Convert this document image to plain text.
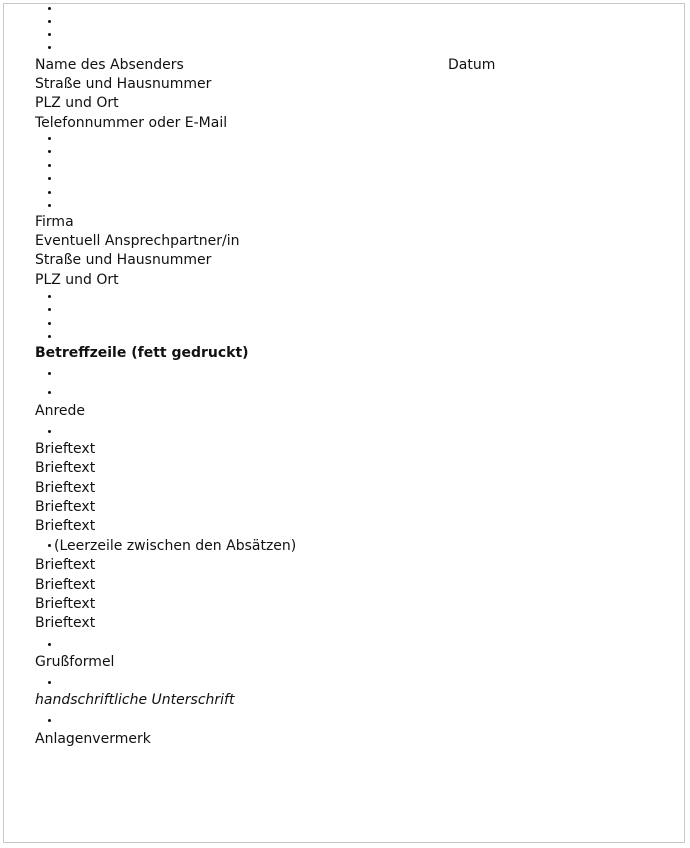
Name des Absenders	Datum
Straße und Hausnummer
PLZ und Ort
Telefonnummer oder E-Mail
Firma
Eventuell Ansprechpartner/in
Straße und Hausnummer
PLZ und Ort
Betreffzeile (fett gedruckt)
Anrede
Brieftext
Brieftext
Brieftext
Brieftext
Brieftext
(Leerzeile zwischen den Absätzen)
Brieftext
Brieftext
Brieftext
Brieftext
Grußformel
handschriftliche Unterschrift
Anlagenvermerk
